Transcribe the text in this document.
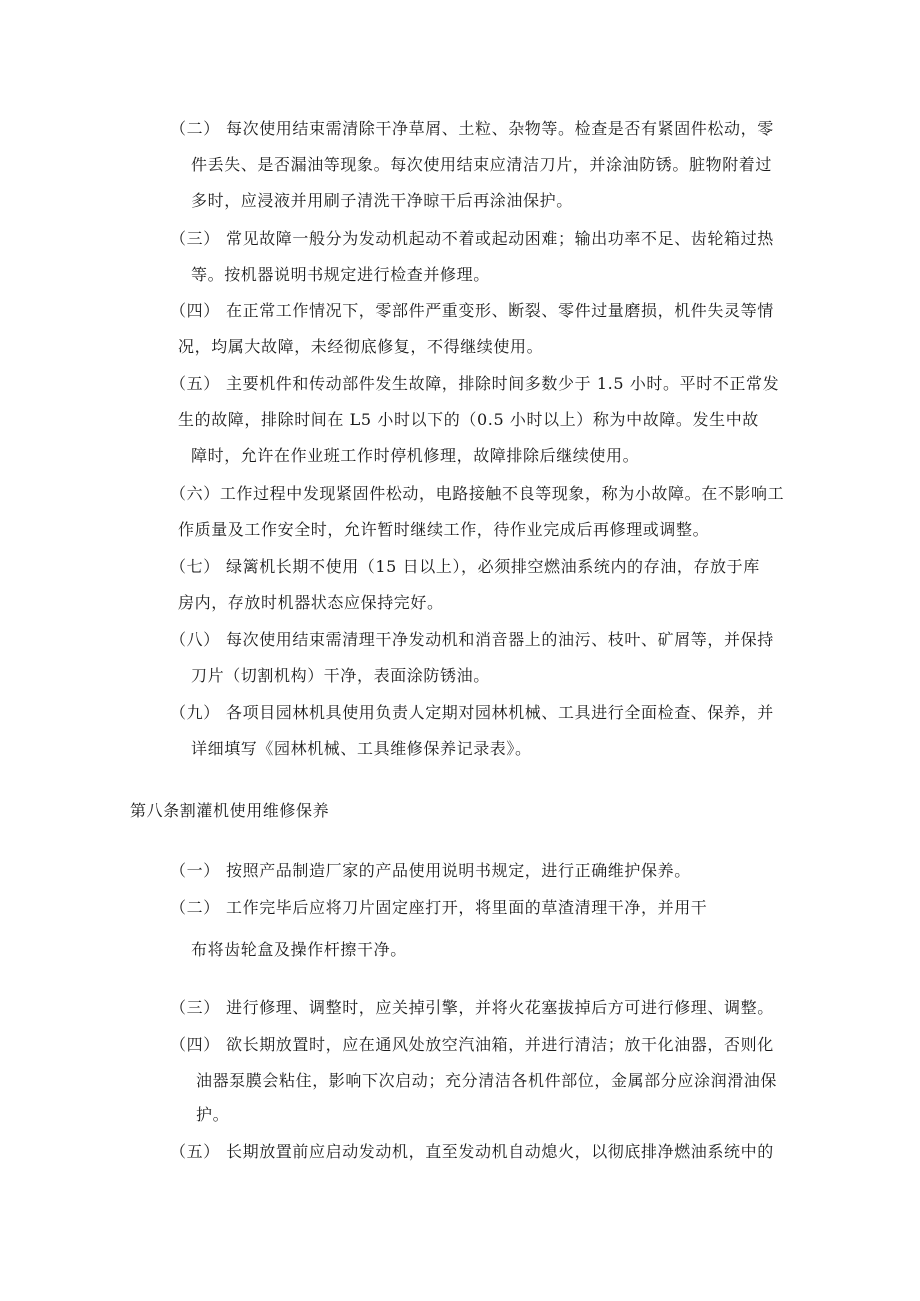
（二） 每次使用结束需清除干净草屑、土粒、杂物等。检查是否有紧固件松动，零
件丢失、是否漏油等现象。每次使用结束应清洁刀片，并涂油防锈。脏物附着过
多时，应浸液并用刷子清洗干净晾干后再涂油保护。
（三） 常见故障一般分为发动机起动不着或起动困难；输出功率不足、齿轮箱过热
等。按机器说明书规定进行检查并修理。
（四） 在正常工作情况下，零部件严重变形、断裂、零件过量磨损，机件失灵等情
况，均属大故障，未经彻底修复，不得继续使用。
（五） 主要机件和传动部件发生故障，排除时间多数少于 1.5 小时。平时不正常发
生的故障，排除时间在 L5 小时以下的（0.5 小时以上）称为中故障。发生中故
障时，允许在作业班工作时停机修理，故障排除后继续使用。
（六）工作过程中发现紧固件松动，电路接触不良等现象，称为小故障。在不影响工
作质量及工作安全时，允许暂时继续工作，待作业完成后再修理或调整。
（七） 绿篱机长期不使用（15 日以上），必须排空燃油系统内的存油，存放于库
房内，存放时机器状态应保持完好。
（八） 每次使用结束需清理干净发动机和消音器上的油污、枝叶、矿屑等，并保持
刀片（切割机构）干净，表面涂防锈油。
（九） 各项目园林机具使用负责人定期对园林机械、工具进行全面检查、保养，并
详细填写《园林机械、工具维修保养记录表》。
第八条割灌机使用维修保养
（一） 按照产品制造厂家的产品使用说明书规定，进行正确维护保养。
（二） 工作完毕后应将刀片固定座打开，将里面的草渣清理干净，并用干
布将齿轮盒及操作杆擦干净。
（三） 进行修理、调整时，应关掉引擎，并将火花塞拔掉后方可进行修理、调整。
（四） 欲长期放置时，应在通风处放空汽油箱，并进行清洁；放干化油器，否则化
油器泵膜会粘住，影响下次启动；充分清洁各机件部位，金属部分应涂润滑油保
护。
（五） 长期放置前应启动发动机，直至发动机自动熄火，以彻底排净燃油系统中的
